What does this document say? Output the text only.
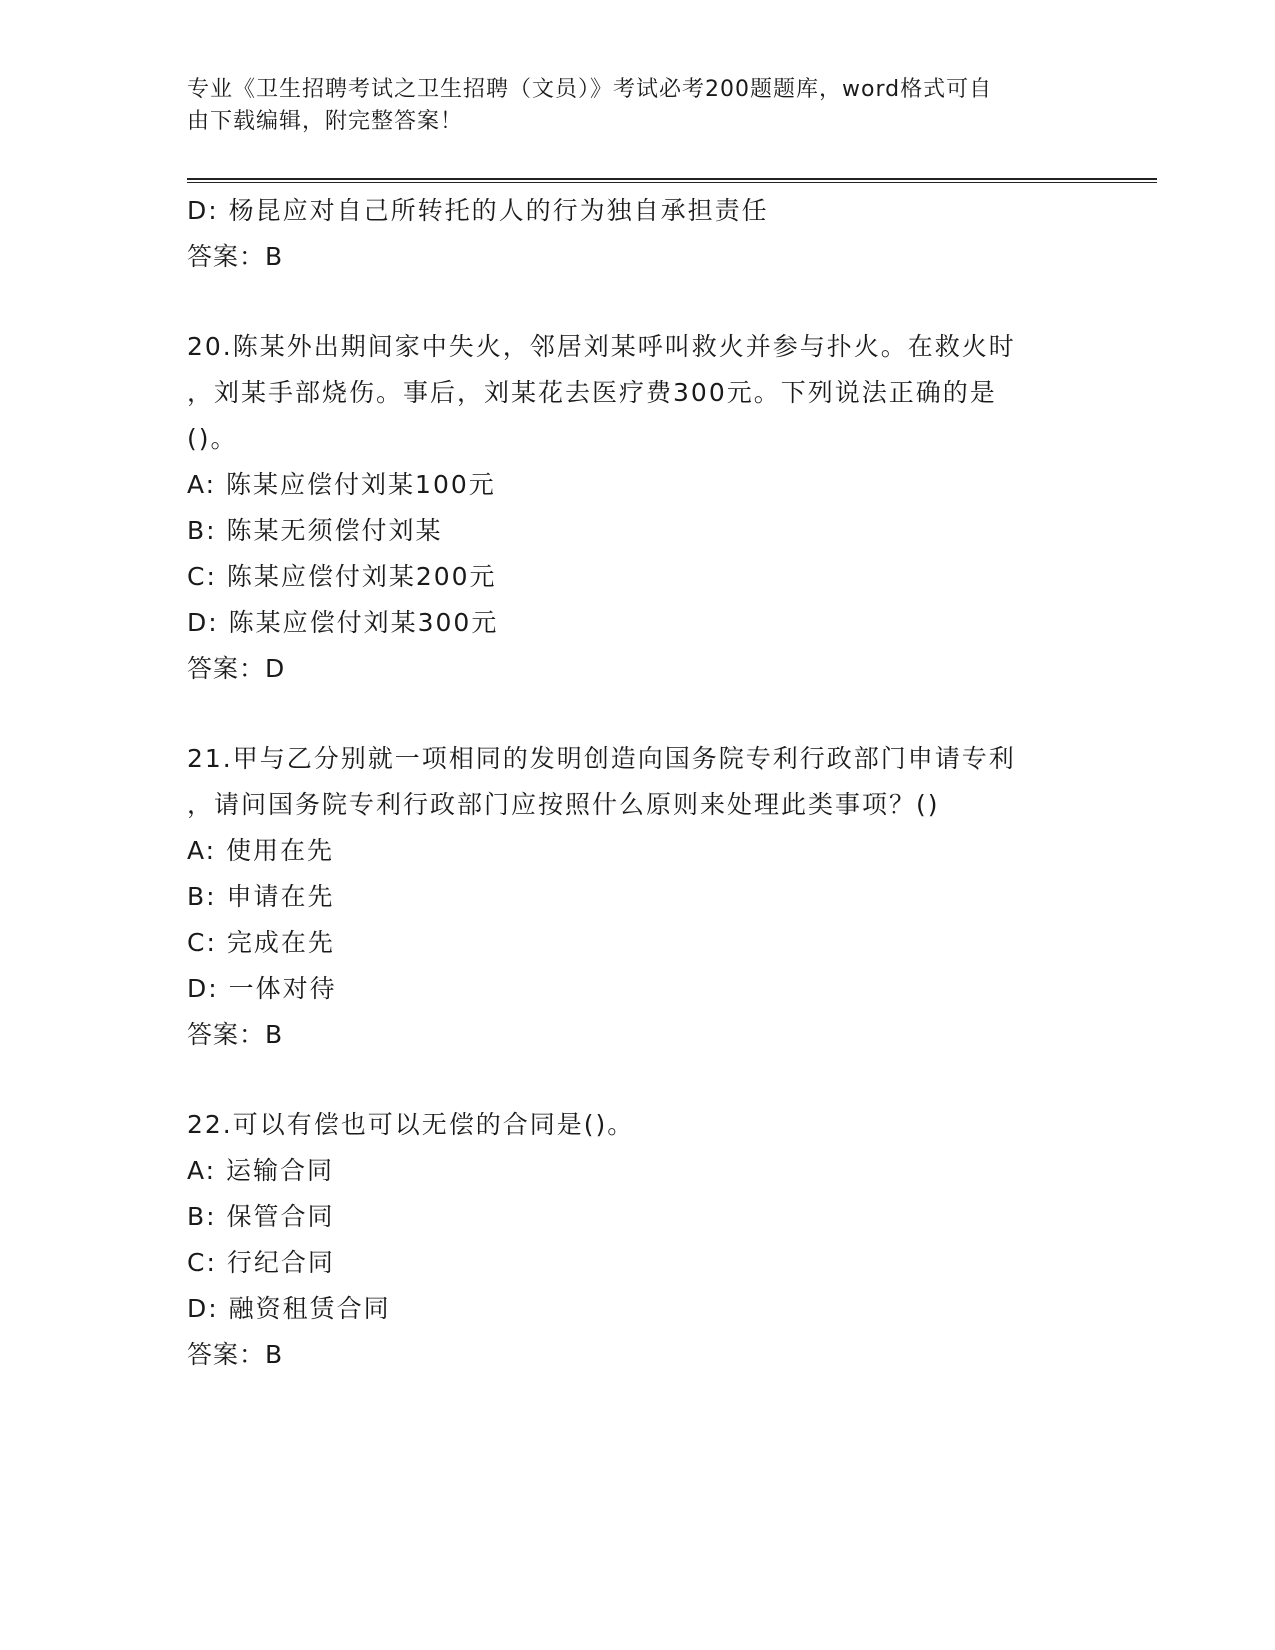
专业《卫生招聘考试之卫生招聘（文员）》考试必考200题题库，word格式可自
由下载编辑，附完整答案！
D: 杨昆应对自己所转托的人的行为独自承担责任
答案：B
20.陈某外出期间家中失火，邻居刘某呼叫救火并参与扑火。在救火时
，刘某手部烧伤。事后，刘某花去医疗费300元。下列说法正确的是
()。
A: 陈某应偿付刘某100元
B: 陈某无须偿付刘某
C: 陈某应偿付刘某200元
D: 陈某应偿付刘某300元
答案：D
21.甲与乙分别就一项相同的发明创造向国务院专利行政部门申请专利
，请问国务院专利行政部门应按照什么原则来处理此类事项？()
A: 使用在先
B: 申请在先
C: 完成在先
D: 一体对待
答案：B
22.可以有偿也可以无偿的合同是()。
A: 运输合同
B: 保管合同
C: 行纪合同
D: 融资租赁合同
答案：B
